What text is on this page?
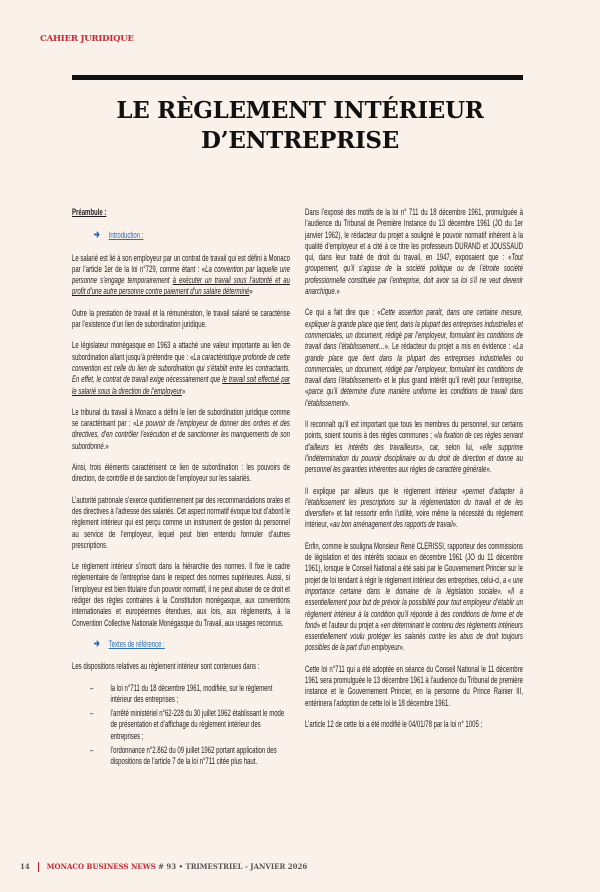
CAHIER JURIDIQUE
LE RÈGLEMENT INTÉRIEUR
D’ENTREPRISE
Préambule :
➔ Introduction :
Le salarié est lié à son employeur par un contrat de travail qui est défini à Monaco par l’article 1er de la loi n°729, comme étant : «La convention par laquelle une personne s’engage temporairement à exécuter un travail sous l’autorité et au profit d’une autre personne contre paiement d’un salaire déterminé»
Outre la prestation de travail et la rémunération, le travail salarié se caractérise par l’existence d’un lien de subordination juridique.
Le législateur monégasque en 1963 a attaché une valeur importante au lien de subordination allant jusqu’à prétendre que : «La caractéristique profonde de cette convention est celle du lien de subordination qui s’établit entre les contractants. En effet, le contrat de travail exige nécessairement que le travail soit effectué par le salarié sous la direction de l’employeur»
Le tribunal du travail à Monaco a défini le lien de subordination juridique comme se caractérisant par : «Le pouvoir de l’employeur de donner des ordres et des directives, d’en contrôler l’exécution et de sanctionner les manquements de son subordonné.»
Ainsi, trois éléments caractérisent ce lien de subordination : les pouvoirs de direction, de contrôle et de sanction de l’employeur sur les salariés.
L’autorité patronale s’exerce quotidiennement par des recommandations orales et des directives à l’adresse des salariés. Cet aspect normatif évoque tout d’abord le règlement intérieur qui est perçu comme un instrument de gestion du personnel au service de l’employeur, lequel peut bien entendu formuler d’autres prescriptions.
Le règlement intérieur s’inscrit dans la hiérarchie des normes. Il fixe le cadre réglementaire de l’entreprise dans le respect des normes supérieures. Aussi, si l’employeur est bien titulaire d’un pouvoir normatif, il ne peut abuser de ce droit et rédiger des règles contraires à la Constitution monégasque, aux conventions internationales et européennes étendues, aux lois, aux règlements, à la Convention Collective Nationale Monégasque du Travail, aux usages reconnus.
➔ Textes de référence :
Les dispositions relatives au règlement intérieur sont contenues dans :
– la loi n°711 du 18 décembre 1961, modifiée, sur le règlement intérieur des entreprises ;
– l’arrêté ministériel n°62-228 du 30 juillet 1962 établissant le mode de présentation et d’affichage du règlement intérieur des entreprises ;
– l’ordonnance n°2.862 du 09 juillet 1962 portant application des dispositions de l’article 7 de la loi n°711 citée plus haut.
Dans l’exposé des motifs de la loi n° 711 du 18 décembre 1961, promulguée à l’audience du Tribunal de Première Instance du 13 décembre 1961 (JO du 1er janvier 1962), le rédacteur du projet a souligné le pouvoir normatif inhérent à la qualité d’employeur et a cité à ce titre les professeurs DURAND et JOUSSAUD qui, dans leur traité de droit du travail, en 1947, exposaient que : «Tout groupement, qu’il s’agisse de la société politique ou de l’étroite société professionnelle constituée par l’entreprise, doit avoir sa loi s’il ne veut devenir anarchique.»
Ce qui a fait dire que : «Cette assertion paraît, dans une certaine mesure, expliquer la grande place que tient, dans la plupart des entreprises industrielles et commerciales, un document, rédigé par l’employeur, formulant les conditions de travail dans l’établissement…». Le rédacteur du projet a mis en évidence : «La grande place que tient dans la plupart des entreprises industrielles ou commerciales, un document, rédigé par l’employeur, formulant les conditions de travail dans l’établissement» et le plus grand intérêt qu’il revêt pour l’entreprise, «parce qu’il détermine d’une manière uniforme les conditions de travail dans l’établissement».
Il reconnaît qu’il est important que tous les membres du personnel, sur certains points, soient soumis à des règles communes ; «la fixation de ces règles servant d’ailleurs les intérêts des travailleurs», car, selon lui, «elle supprime l’indétermination du pouvoir disciplinaire ou du droit de direction et donne au personnel les garanties inhérentes aux règles de caractère générale».
Il explique par ailleurs que le règlement intérieur «permet d’adapter à l’établissement les prescriptions sur la réglementation du travail et de les diversifier» et fait ressortir enfin l’utilité, voire même la nécessité du règlement intérieur, «au bon aménagement des rapports de travail».
Enfin, comme le souligna Monsieur René CLERISSI, rapporteur des commissions de législation et des intérêts sociaux en décembre 1961 (JO du 11 décembre 1961), lorsque le Conseil National a été saisi par le Gouvernement Princier sur le projet de loi tendant à régir le règlement intérieur des entreprises, celui-ci, a « une importance certaine dans le domaine de la législation sociale». «Il a essentiellement pour but de prévoir la possibilité pour tout employeur d’établir un règlement intérieur à la condition qu’il réponde à des conditions de forme et de fond» et l’auteur du projet a «en déterminant le contenu des règlements intérieurs essentiellement voulu protéger les salariés contre les abus de droit toujours possibles de la part d’un employeur».
Cette loi n°711 qui a été adoptée en séance du Conseil National le 11 décembre 1961 sera promulguée le 13 décembre 1961 à l’audience du Tribunal de première instance et le Gouvernement Princier, en la personne du Prince Rainier III, entérinera l’adoption de cette loi le 18 décembre 1961.
L’article 12 de cette loi a été modifié le 04/01/78 par la loi n° 1005 ;
14 MONACO BUSINESS NEWS # 93 • TRIMESTRIEL - JANVIER 2026
